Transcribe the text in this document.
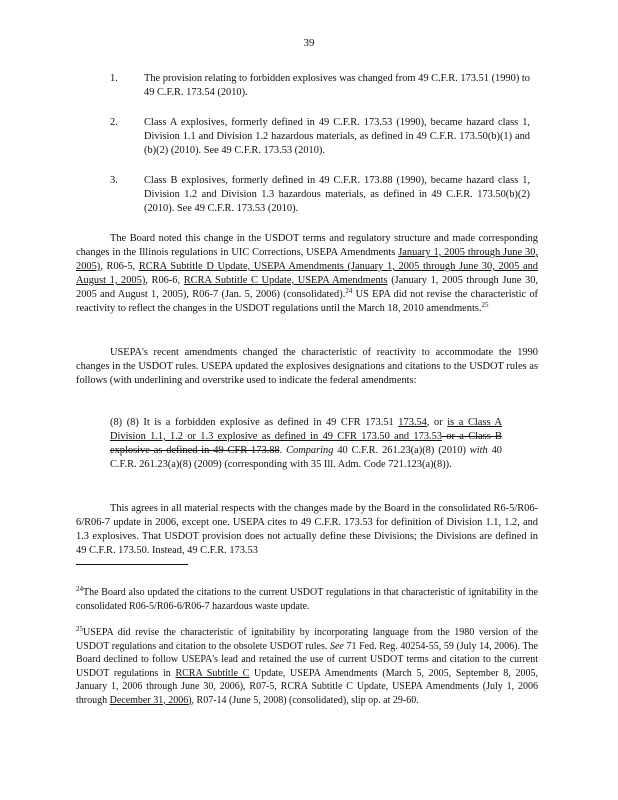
39
1.	The provision relating to forbidden explosives was changed from 49 C.F.R. 173.51 (1990) to 49 C.F.R. 173.54 (2010).
2.	Class A explosives, formerly defined in 49 C.F.R. 173.53 (1990), became hazard class 1, Division 1.1 and Division 1.2 hazardous materials, as defined in 49 C.F.R. 173.50(b)(1) and (b)(2) (2010). See 49 C.F.R. 173.53 (2010).
3.	Class B explosives, formerly defined in 49 C.F.R. 173.88 (1990), became hazard class 1, Division 1.2 and Division 1.3 hazardous materials, as defined in 49 C.F.R. 173.50(b)(2) (2010). See 49 C.F.R. 173.53 (2010).
The Board noted this change in the USDOT terms and regulatory structure and made corresponding changes in the Illinois regulations in UIC Corrections, USEPA Amendments January 1, 2005 through June 30, 2005), R06-5, RCRA Subtitle D Update, USEPA Amendments (January 1, 2005 through June 30, 2005 and August 1, 2005), R06-6, RCRA Subtitle C Update, USEPA Amendments (January 1, 2005 through June 30, 2005 and August 1, 2005), R06-7 (Jan. 5, 2006) (consolidated).$^{24}$ US EPA did not revise the characteristic of reactivity to reflect the changes in the USDOT regulations until the March 18, 2010 amendments.$^{25}$
USEPA's recent amendments changed the characteristic of reactivity to accommodate the 1990 changes in the USDOT rules. USEPA updated the explosives designations and citations to the USDOT rules as follows (with underlining and overstrike used to indicate the federal amendments:
(8) (8) It is a forbidden explosive as defined in 49 CFR 173.51 173.54, or is a Class A Division 1.1, 1.2 or 1.3 explosive as defined in 49 CFR 173.50 and 173.53 or a Class B explosive as defined in 49 CFR 173.88. Comparing 40 C.F.R. 261.23(a)(8) (2010) with 40 C.F.R. 261.23(a)(8) (2009) (corresponding with 35 Ill. Adm. Code 721.123(a)(8)).
This agrees in all material respects with the changes made by the Board in the consolidated R6-5/R06-6/R06-7 update in 2006, except one. USEPA cites to 49 C.F.R. 173.53 for definition of Division 1.1, 1.2, and 1.3 explosives. That USDOT provision does not actually define these Divisions; the Divisions are defined in 49 C.F.R. 173.50. Instead, 49 C.F.R. 173.53
$^{24}$The Board also updated the citations to the current USDOT regulations in that characteristic of ignitability in the consolidated R06-5/R06-6/R06-7 hazardous waste update.
$^{25}$USEPA did revise the characteristic of ignitability by incorporating language from the 1980 version of the USDOT regulations and citation to the obsolete USDOT rules. See 71 Fed. Reg. 40254-55, 59 (July 14, 2006). The Board declined to follow USEPA's lead and retained the use of current USDOT terms and citation to the current USDOT regulations in RCRA Subtitle C Update, USEPA Amendments (March 5, 2005, September 8, 2005, January 1, 2006 through June 30, 2006), R07-5, RCRA Subtitle C Update, USEPA Amendments (July 1, 2006 through December 31, 2006), R07-14 (June 5, 2008) (consolidated), slip op. at 29-60.
